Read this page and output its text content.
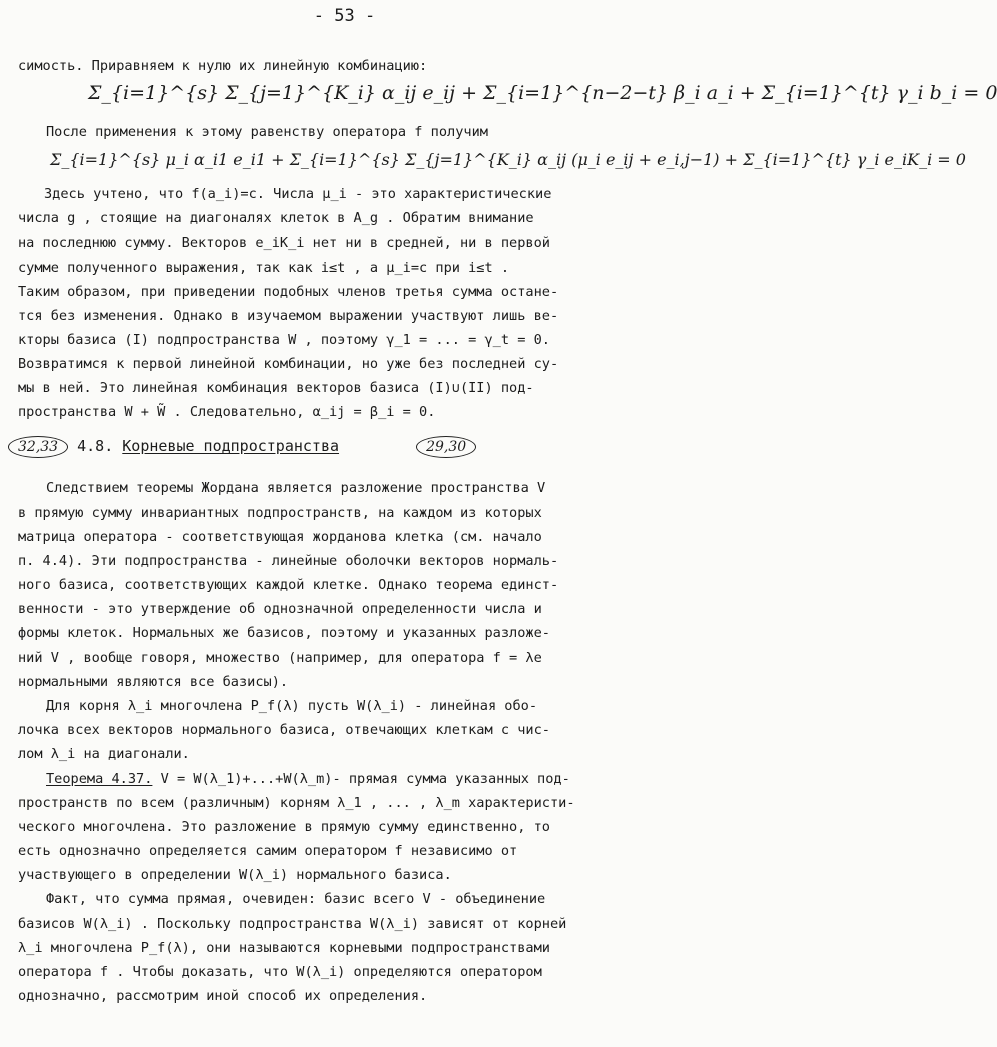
- 53 -
симость. Приравняем к нулю их линейную комбинацию:
Σ_{i=1}^{s} Σ_{j=1}^{K_i} α_ij e_ij + Σ_{i=1}^{n−2−t} β_i a_i + Σ_{i=1}^{t} γ_i b_i = 0
После применения к этому равенству оператора f получим
Σ_{i=1}^{s} μ_i α_i1 e_i1 + Σ_{i=1}^{s} Σ_{j=1}^{K_i} α_ij (μ_i e_ij + e_i,j−1) + Σ_{i=1}^{t} γ_i e_iK_i = 0
Здесь учтено, что f(a_i)=c. Числа μ_i - это характеристические
числа g , стоящие на диагоналях клеток в A_g . Обратим внимание
на последнюю сумму. Векторов e_iK_i нет ни в средней, ни в первой
сумме полученного выражения, так как i≤t , а μ_i=c при i≤t .
Таким образом, при приведении подобных членов третья сумма остане-
тся без изменения. Однако в изучаемом выражении участвуют лишь ве-
кторы базиса (I) подпространства W , поэтому γ_1 = ... = γ_t = 0.
Возвратимся к первой линейной комбинации, но уже без последней су-
мы в ней. Это линейная комбинация векторов базиса (I)∪(II) под-
пространства W + W̃ . Следовательно, α_ij = β_i = 0.
32,33 4.8. Корневые подпространства	29,30
Следствием теоремы Жордана является разложение пространства V
в прямую сумму инвариантных подпространств, на каждом из которых
матрица оператора - соответствующая жорданова клетка (см. начало
п. 4.4). Эти подпространства - линейные оболочки векторов нормаль-
ного базиса, соответствующих каждой клетке. Однако теорема единст-
венности - это утверждение об однозначной определенности числа и
формы клеток. Нормальных же базисов, поэтому и указанных разложе-
ний V , вообще говоря, множество (например, для оператора f = λe
нормальными являются все базисы).
Для корня λ_i многочлена P_f(λ) пусть W(λ_i) - линейная обо-
лочка всех векторов нормального базиса, отвечающих клеткам с чис-
лом λ_i на диагонали.
Теорема 4.37. V = W(λ_1)+...+W(λ_m)- прямая сумма указанных под-
пространств по всем (различным) корням λ_1 , ... , λ_m характеристи-
ческого многочлена. Это разложение в прямую сумму единственно, то
есть однозначно определяется самим оператором f независимо от
участвующего в определении W(λ_i) нормального базиса.
Факт, что сумма прямая, очевиден: базис всего V - объединение
базисов W(λ_i) . Поскольку подпространства W(λ_i) зависят от корней
λ_i многочлена P_f(λ), они называются корневыми подпространствами
оператора f . Чтобы доказать, что W(λ_i) определяются оператором
однозначно, рассмотрим иной способ их определения.
